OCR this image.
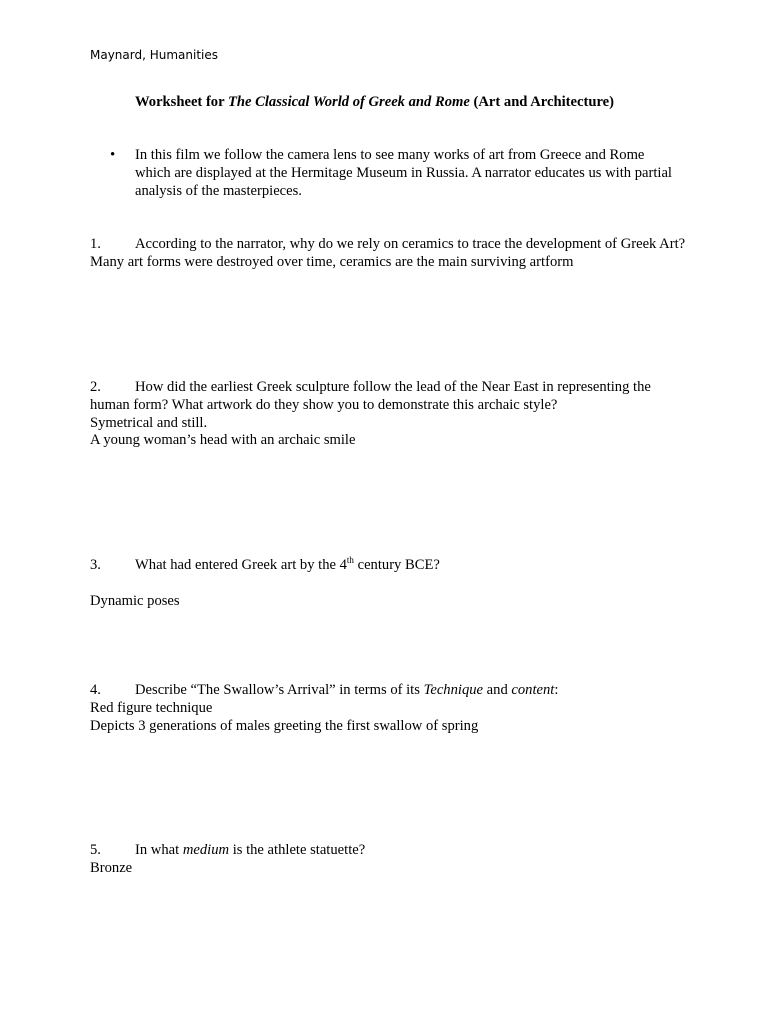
Maynard, Humanities
Worksheet for The Classical World of Greek and Rome (Art and Architecture)
• In this film we follow the camera lens to see many works of art from Greece and Rome which are displayed at the Hermitage Museum in Russia. A narrator educates us with partial analysis of the masterpieces.
1. According to the narrator, why do we rely on ceramics to trace the development of Greek Art?
Many art forms were destroyed over time, ceramics are the main surviving artform
2. How did the earliest Greek sculpture follow the lead of the Near East in representing the human form? What artwork do they show you to demonstrate this archaic style?
Symetrical and still.
A young woman’s head with an archaic smile
3. What had entered Greek art by the 4th century BCE?
Dynamic poses
4. Describe “The Swallow’s Arrival” in terms of its Technique and content:
Red figure technique
Depicts 3 generations of males greeting the first swallow of spring
5. In what medium is the athlete statuette?
Bronze
